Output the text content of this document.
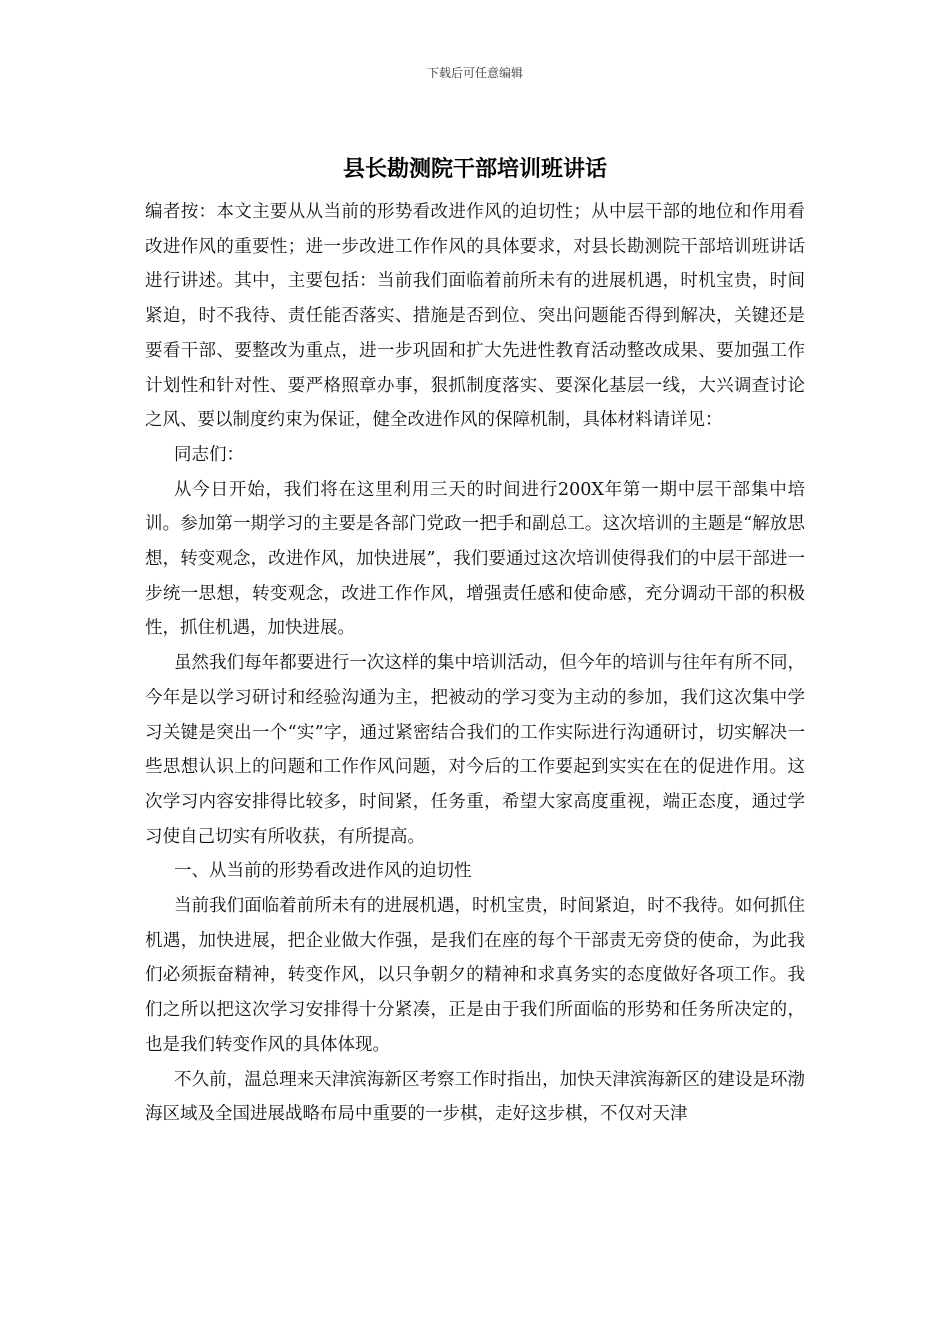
下载后可任意编辑
县长勘测院干部培训班讲话

编者按：本文主要从从当前的形势看改进作风的迫切性；从中层干部的地位和作用看改进作风的重要性；进一步改进工作作风的具体要求，对县长勘测院干部培训班讲话进行讲述。其中，主要包括：当前我们面临着前所未有的进展机遇，时机宝贵，时间紧迫，时不我待、责任能否落实、措施是否到位、突出问题能否得到解决，关键还是要看干部、要整改为重点，进一步巩固和扩大先进性教育活动整改成果、要加强工作计划性和针对性、要严格照章办事，狠抓制度落实、要深化基层一线，大兴调查讨论之风、要以制度约束为保证，健全改进作风的保障机制，具体材料请详见：

同志们：

从今日开始，我们将在这里利用三天的时间进行200X年第一期中层干部集中培训。参加第一期学习的主要是各部门党政一把手和副总工。这次培训的主题是“解放思想，转变观念，改进作风，加快进展”，我们要通过这次培训使得我们的中层干部进一步统一思想，转变观念，改进工作作风，增强责任感和使命感，充分调动干部的积极性，抓住机遇，加快进展。

虽然我们每年都要进行一次这样的集中培训活动，但今年的培训与往年有所不同，今年是以学习研讨和经验沟通为主，把被动的学习变为主动的参加，我们这次集中学习关键是突出一个“实”字，通过紧密结合我们的工作实际进行沟通研讨，切实解决一些思想认识上的问题和工作作风问题，对今后的工作要起到实实在在的促进作用。这次学习内容安排得比较多，时间紧，任务重，希望大家高度重视，端正态度，通过学习使自己切实有所收获，有所提高。

一、从当前的形势看改进作风的迫切性

当前我们面临着前所未有的进展机遇，时机宝贵，时间紧迫，时不我待。如何抓住机遇，加快进展，把企业做大作强，是我们在座的每个干部责无旁贷的使命，为此我们必须振奋精神，转变作风，以只争朝夕的精神和求真务实的态度做好各项工作。我们之所以把这次学习安排得十分紧凑，正是由于我们所面临的形势和任务所决定的，也是我们转变作风的具体体现。

不久前，温总理来天津滨海新区考察工作时指出，加快天津滨海新区的建设是环渤海区域及全国进展战略布局中重要的一步棋，走好这步棋，不仅对天津
